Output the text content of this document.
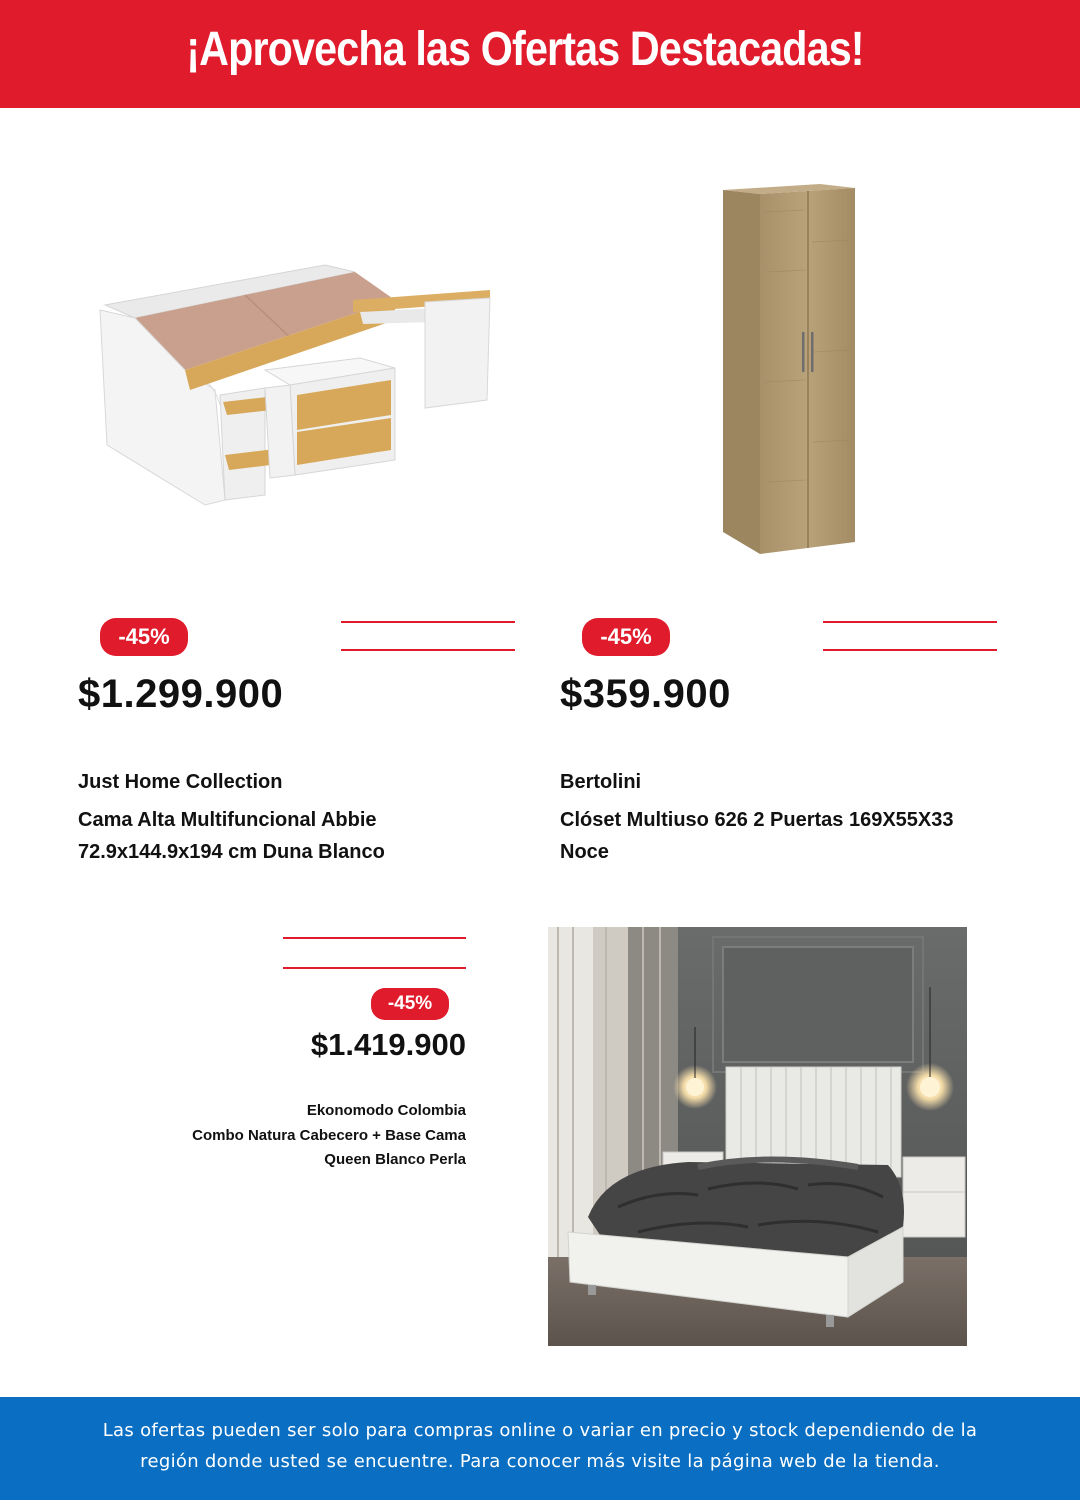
¡Aprovecha las Ofertas Destacadas!
-45%
$1.299.900
Just Home Collection
Cama Alta Multifuncional Abbie
72.9x144.9x194 cm Duna Blanco
-45%
$359.900
Bertolini
Clóset Multiuso 626 2 Puertas 169X55X33
Noce
-45%
$1.419.900
Ekonomodo Colombia
Combo Natura Cabecero + Base Cama
Queen Blanco Perla
Las ofertas pueden ser solo para compras online o variar en precio y stock dependiendo de la
región donde usted se encuentre. Para conocer más visite la página web de la tienda.
